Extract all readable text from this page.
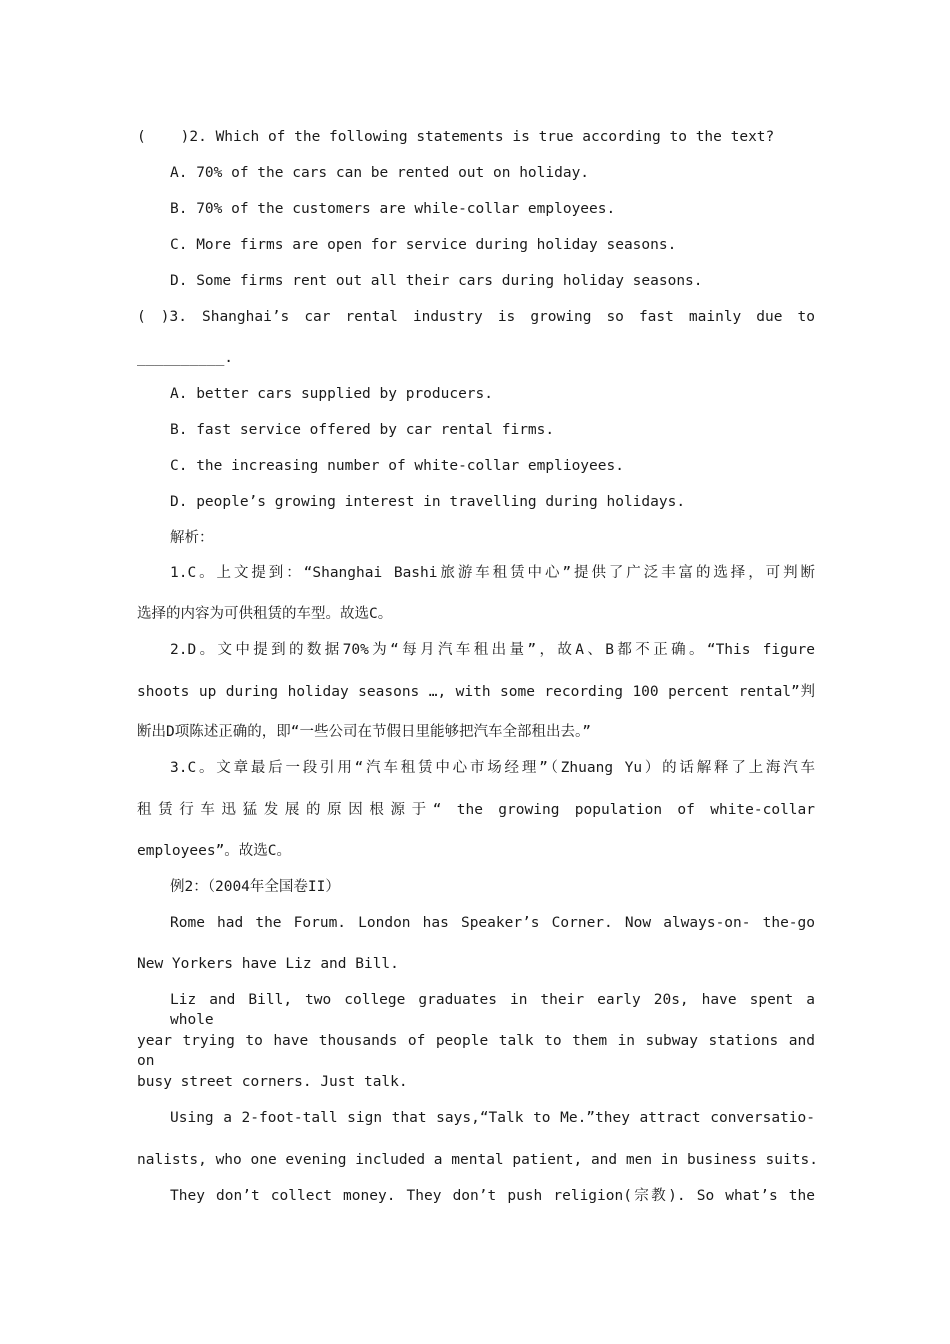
(    )2. Which of the following statements is true according to the text?
A. 70% of the cars can be rented out on holiday.
B. 70% of the customers are while-collar employees.
C. More firms are open for service during holiday seasons.
D. Some firms rent out all their cars during holiday seasons.
( )3. Shanghai’s car rental industry is growing so fast mainly due to
__________.
A. better cars supplied by producers.
B. fast service offered by car rental firms.
C. the increasing number of white-collar emplioyees.
D. people’s growing interest in travelling during holidays.
解析：
1.C。上文提到：“Shanghai Bashi旅游车租赁中心”提供了广泛丰富的选择，可判断
选择的内容为可供租赁的车型。故选C。
2.D。文中提到的数据70%为“每月汽车租出量”，故A、B都不正确。“This figure
shoots up during holiday seasons …, with some recording 100 percent rental”判
断出D项陈述正确的，即“一些公司在节假日里能够把汽车全部租出去。”
3.C。文章最后一段引用“汽车租赁中心市场经理”（Zhuang Yu）的话解释了上海汽车
租赁行车迅猛发展的原因根源于“ the growing population of white-collar
employees”。故选C。
例2：（2004年全国卷II）
Rome had the Forum. London has Speaker’s Corner. Now always‐on‐ the-go
New Yorkers have Liz and Bill.
Liz and Bill, two college graduates in their early 20s, have spent a whole
year trying to have thousands of people talk to them in subway stations and on
busy street corners. Just talk.
Using a 2-foot-tall sign that says,“Talk to Me.”they attract conversatio-
nalists, who one evening included a mental patient, and men in business suits.
They don’t collect money. They don’t push religion(宗教). So what’s the
